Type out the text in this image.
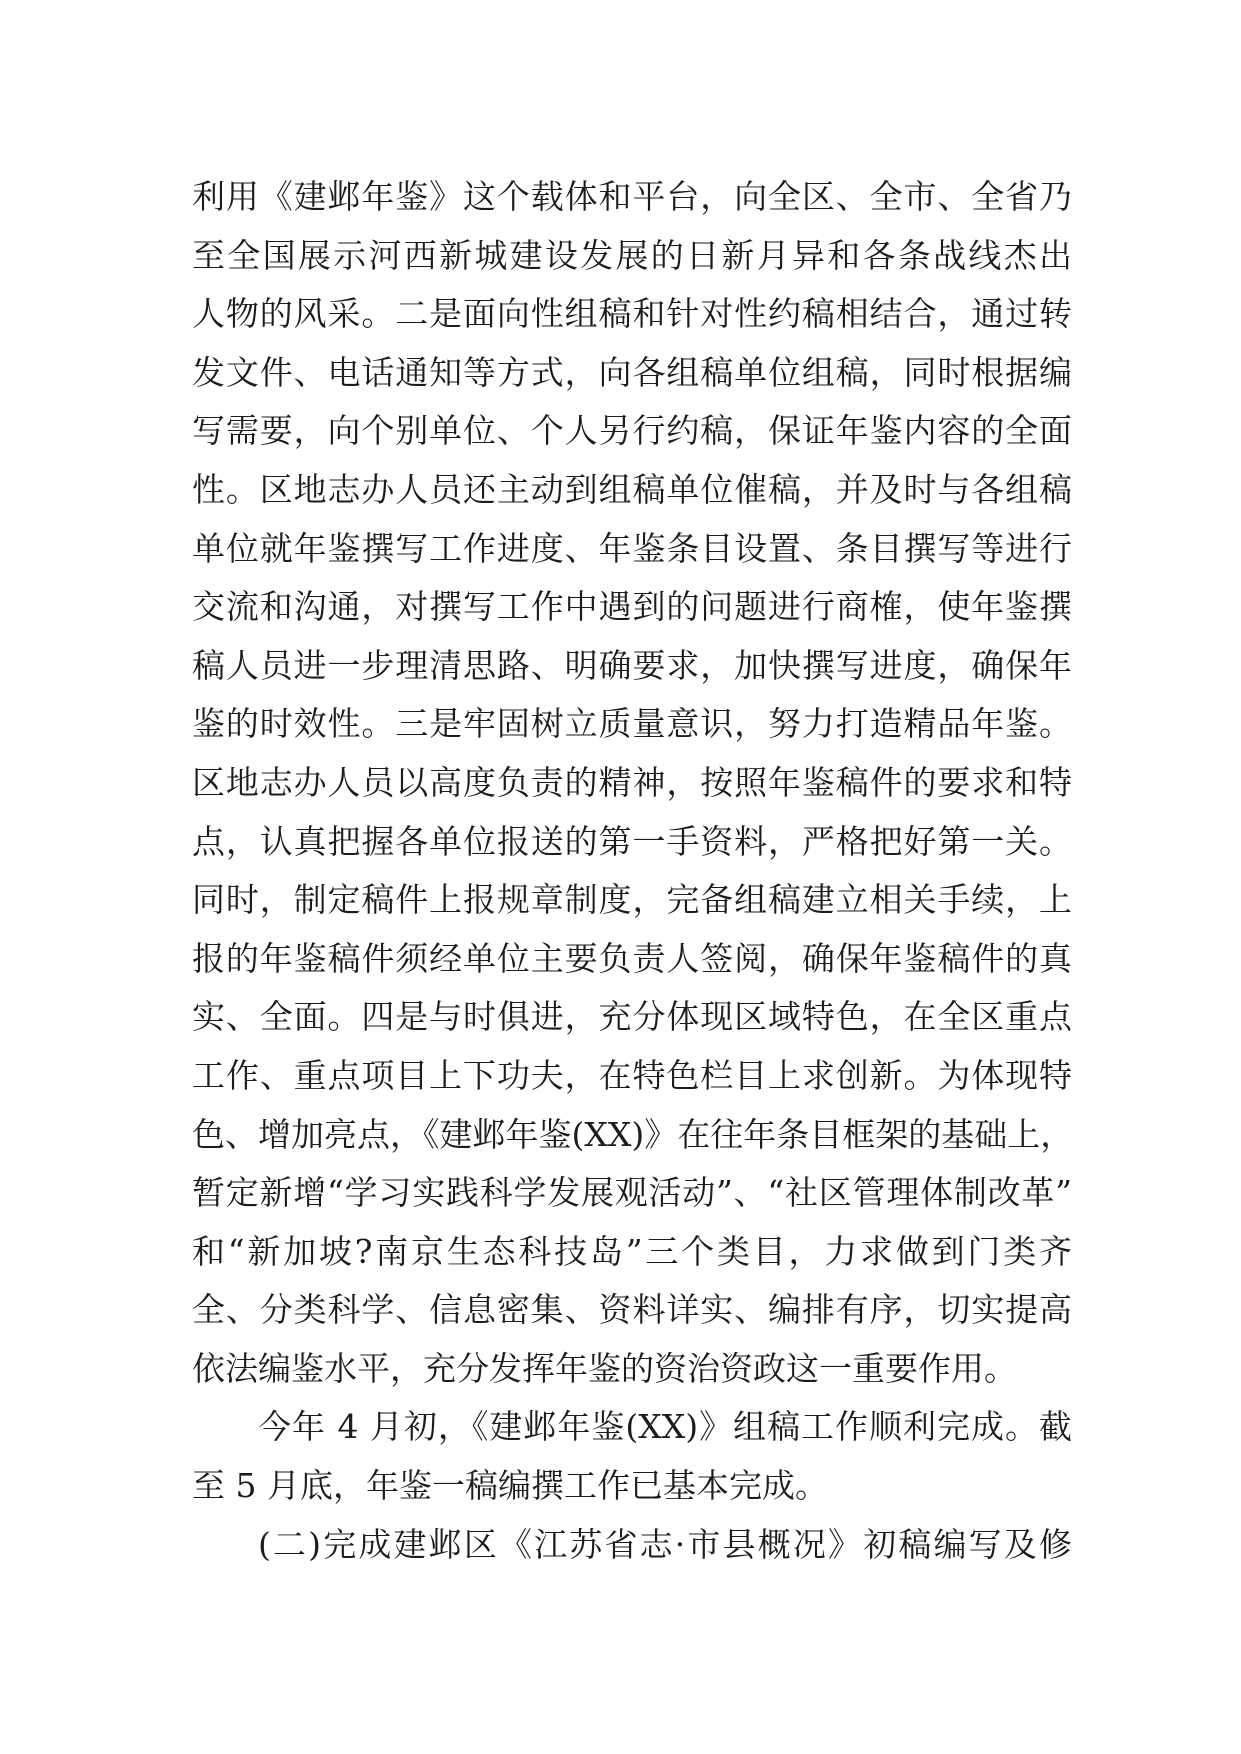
利用《建邺年鉴》这个载体和平台，向全区、全市、全省乃
至全国展示河西新城建设发展的日新月异和各条战线杰出
人物的风采。二是面向性组稿和针对性约稿相结合，通过转
发文件、电话通知等方式，向各组稿单位组稿，同时根据编
写需要，向个别单位、个人另行约稿，保证年鉴内容的全面
性。区地志办人员还主动到组稿单位催稿，并及时与各组稿
单位就年鉴撰写工作进度、年鉴条目设置、条目撰写等进行
交流和沟通，对撰写工作中遇到的问题进行商榷，使年鉴撰
稿人员进一步理清思路、明确要求，加快撰写进度，确保年
鉴的时效性。三是牢固树立质量意识，努力打造精品年鉴。
区地志办人员以高度负责的精神，按照年鉴稿件的要求和特
点，认真把握各单位报送的第一手资料，严格把好第一关。
同时，制定稿件上报规章制度，完备组稿建立相关手续，上
报的年鉴稿件须经单位主要负责人签阅，确保年鉴稿件的真
实、全面。四是与时俱进，充分体现区域特色，在全区重点
工作、重点项目上下功夫，在特色栏目上求创新。为体现特
色、增加亮点，《建邺年鉴(XX)》在往年条目框架的基础上，
暂定新增“学习实践科学发展观活动”、“社区管理体制改革”
和“新加坡?南京生态科技岛”三个类目，力求做到门类齐
全、分类科学、信息密集、资料详实、编排有序，切实提高
依法编鉴水平，充分发挥年鉴的资治资政这一重要作用。
今年 4 月初，《建邺年鉴(XX)》组稿工作顺利完成。截
至 5 月底，年鉴一稿编撰工作已基本完成。
(二)完成建邺区《江苏省志·市县概况》初稿编写及修
